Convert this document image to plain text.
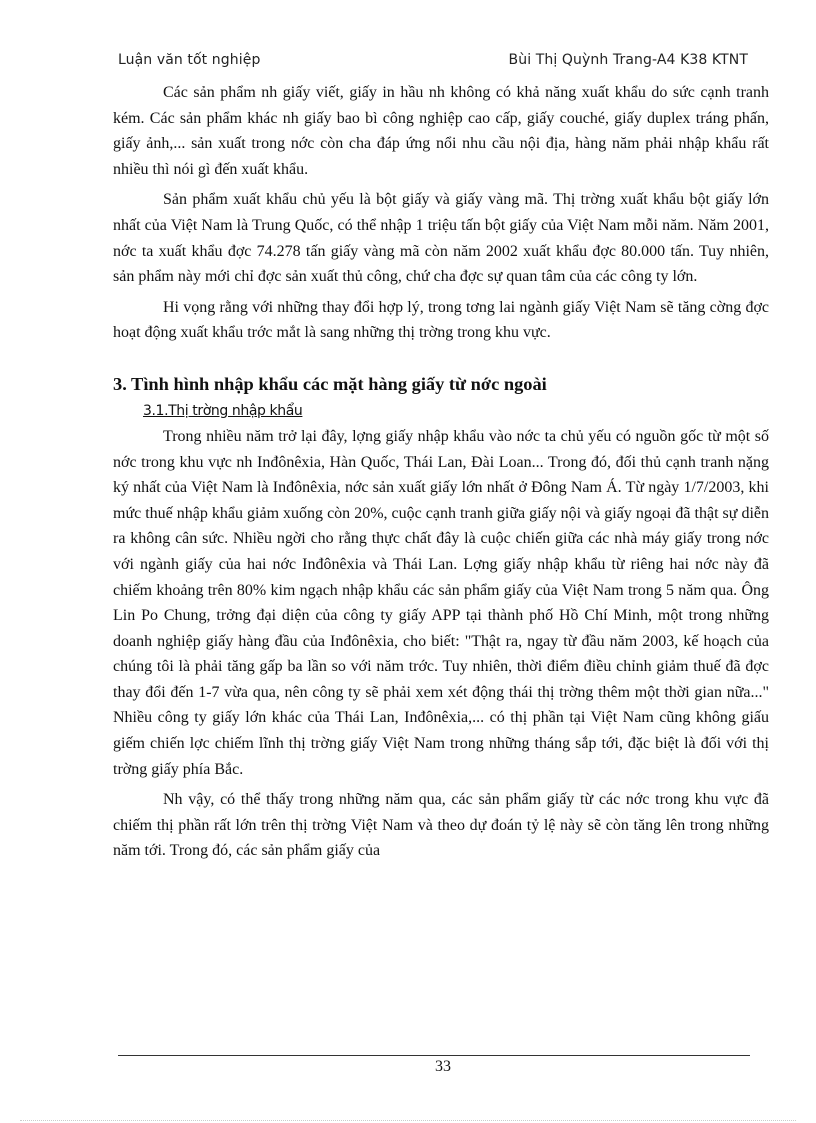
Luận văn tốt nghiệp	Bùi Thị Quỳnh Trang-A4 K38 KTNT

Các sản phẩm nh giấy viết, giấy in hầu nh không có khả năng xuất khẩu do sức cạnh tranh kém. Các sản phẩm khác nh giấy bao bì công nghiệp cao cấp, giấy couché, giấy duplex tráng phấn, giấy ảnh,... sản xuất trong nớc còn cha đáp ứng nổi nhu cầu nội địa, hàng năm phải nhập khẩu rất nhiều thì nói gì đến xuất khẩu.

Sản phẩm xuất khẩu chủ yếu là bột giấy và giấy vàng mã. Thị trờng xuất khẩu bột giấy lớn nhất của Việt Nam là Trung Quốc, có thể nhập 1 triệu tấn bột giấy của Việt Nam mỗi năm. Năm 2001, nớc ta xuất khẩu đợc 74.278 tấn giấy vàng mã còn năm 2002 xuất khẩu đợc 80.000 tấn. Tuy nhiên, sản phẩm này mới chỉ đợc sản xuất thủ công, chứ cha đợc sự quan tâm của các công ty lớn.

Hi vọng rằng với những thay đổi hợp lý, trong tơng lai ngành giấy Việt Nam sẽ tăng cờng đợc hoạt động xuất khẩu trớc mắt là sang những thị trờng trong khu vực.

3. Tình hình nhập khẩu các mặt hàng giấy từ nớc ngoài
3.1.Thị trờng nhập khẩu

Trong nhiều năm trở lại đây, lợng giấy nhập khẩu vào nớc ta chủ yếu có nguồn gốc từ một số nớc trong khu vực nh Inđônêxia, Hàn Quốc, Thái Lan, Đài Loan... Trong đó, đối thủ cạnh tranh nặng ký nhất của Việt Nam là Inđônêxia, nớc sản xuất giấy lớn nhất ở Đông Nam Á. Từ ngày 1/7/2003, khi mức thuế nhập khẩu giảm xuống còn 20%, cuộc cạnh tranh giữa giấy nội và giấy ngoại đã thật sự diễn ra không cân sức. Nhiều ngời cho rằng thực chất đây là cuộc chiến giữa các nhà máy giấy trong nớc với ngành giấy của hai nớc Inđônêxia và Thái Lan. Lợng giấy nhập khẩu từ riêng hai nớc này đã chiếm khoảng trên 80% kim ngạch nhập khẩu các sản phẩm giấy của Việt Nam trong 5 năm qua. Ông Lin Po Chung, trởng đại diện của công ty giấy APP tại thành phố Hồ Chí Minh, một trong những doanh nghiệp giấy hàng đầu của Inđônêxia, cho biết: "Thật ra, ngay từ đầu năm 2003, kế hoạch của chúng tôi là phải tăng gấp ba lần so với năm trớc. Tuy nhiên, thời điểm điều chỉnh giảm thuế đã đợc thay đổi đến 1-7 vừa qua, nên công ty sẽ phải xem xét động thái thị trờng thêm một thời gian nữa..." Nhiều công ty giấy lớn khác của Thái Lan, Inđônêxia,... có thị phần tại Việt Nam cũng không giấu giếm chiến lợc chiếm lĩnh thị trờng giấy Việt Nam trong những tháng sắp tới, đặc biệt là đối với thị trờng giấy phía Bắc.

Nh vậy, có thể thấy trong những năm qua, các sản phẩm giấy từ các nớc trong khu vực đã chiếm thị phần rất lớn trên thị trờng Việt Nam và theo dự đoán tỷ lệ này sẽ còn tăng lên trong những năm tới. Trong đó, các sản phẩm giấy của

33
